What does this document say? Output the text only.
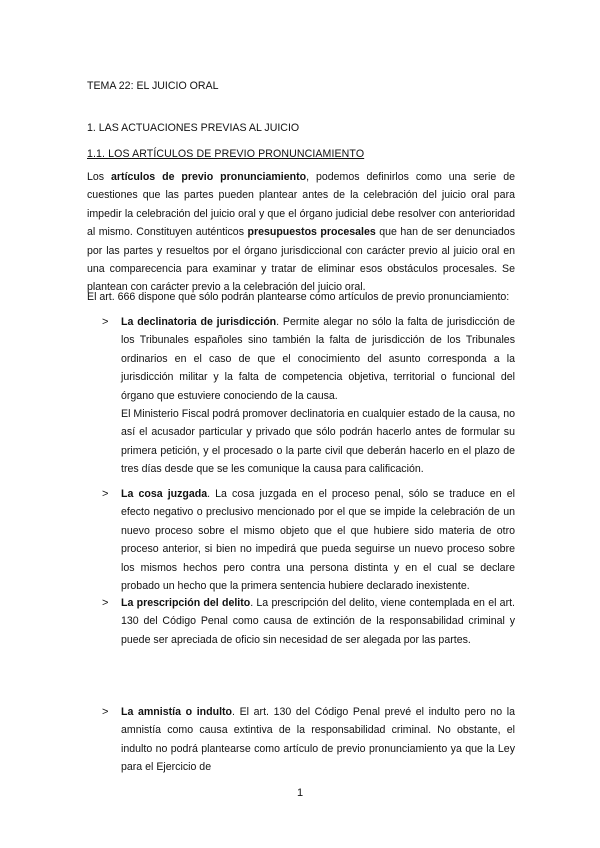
TEMA 22: EL JUICIO ORAL
1. LAS ACTUACIONES PREVIAS AL JUICIO
1.1. LOS ARTÍCULOS DE PREVIO PRONUNCIAMIENTO
Los artículos de previo pronunciamiento, podemos definirlos como una serie de cuestiones que las partes pueden plantear antes de la celebración del juicio oral para impedir la celebración del juicio oral y que el órgano judicial debe resolver con anterioridad al mismo. Constituyen auténticos presupuestos procesales que han de ser denunciados por las partes y resueltos por el órgano jurisdiccional con carácter previo al juicio oral en una comparecencia para examinar y tratar de eliminar esos obstáculos procesales. Se plantean con carácter previo a la celebración del juicio oral.
El art. 666 dispone que sólo podrán plantearse como artículos de previo pronunciamiento:
> La declinatoria de jurisdicción. Permite alegar no sólo la falta de jurisdicción de los Tribunales españoles sino también la falta de jurisdicción de los Tribunales ordinarios en el caso de que el conocimiento del asunto corresponda a la jurisdicción militar y la falta de competencia objetiva, territorial o funcional del órgano que estuviere conociendo de la causa.
El Ministerio Fiscal podrá promover declinatoria en cualquier estado de la causa, no así el acusador particular y privado que sólo podrán hacerlo antes de formular su primera petición, y el procesado o la parte civil que deberán hacerlo en el plazo de tres días desde que se les comunique la causa para calificación.
> La cosa juzgada. La cosa juzgada en el proceso penal, sólo se traduce en el efecto negativo o preclusivo mencionado por el que se impide la celebración de un nuevo proceso sobre el mismo objeto que el que hubiere sido materia de otro proceso anterior, si bien no impedirá que pueda seguirse un nuevo proceso sobre los mismos hechos pero contra una persona distinta y en el cual se declare probado un hecho que la primera sentencia hubiere declarado inexistente.
> La prescripción del delito. La prescripción del delito, viene contemplada en el art. 130 del Código Penal como causa de extinción de la responsabilidad criminal y puede ser apreciada de oficio sin necesidad de ser alegada por las partes.
> La amnistía o indulto. El art. 130 del Código Penal prevé el indulto pero no la amnistía como causa extintiva de la responsabilidad criminal. No obstante, el indulto no podrá plantearse como artículo de previo pronunciamiento ya que la Ley para el Ejercicio de
1
